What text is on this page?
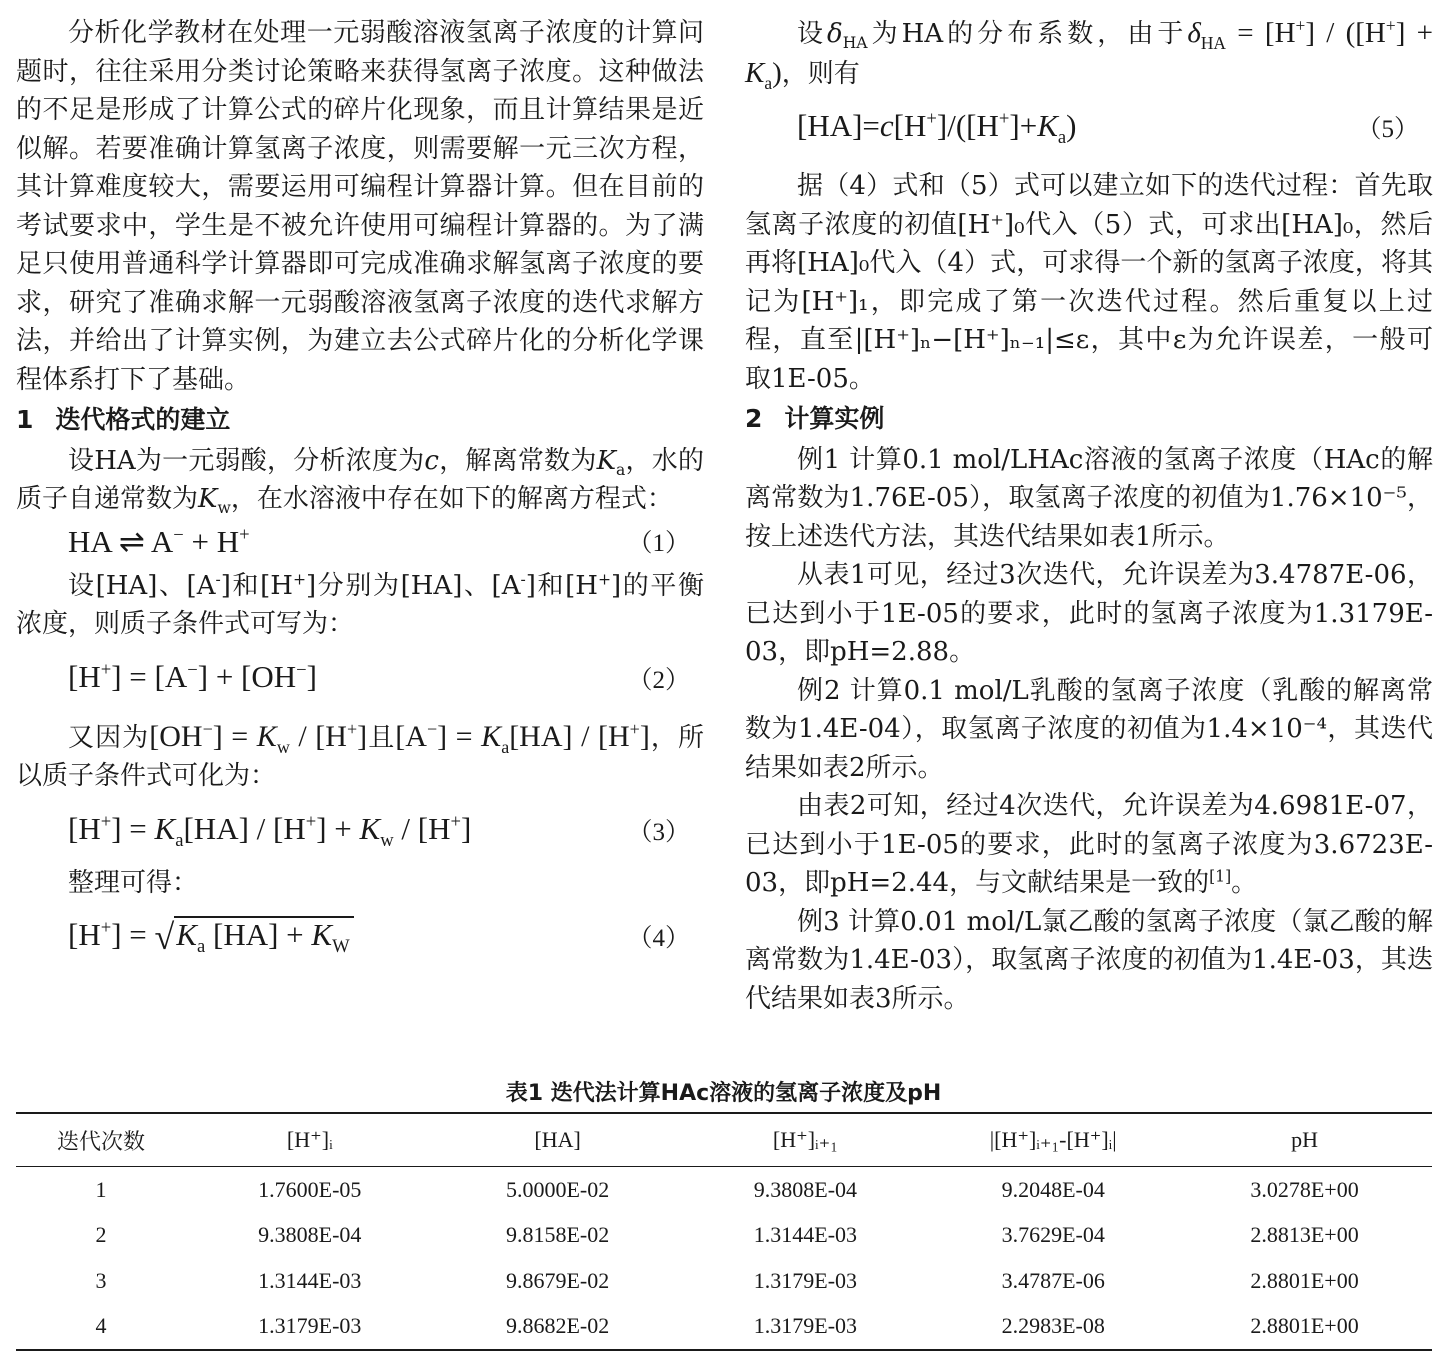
分析化学教材在处理一元弱酸溶液氢离子浓度的计算问题时，往往采用分类讨论策略来获得氢离子浓度。这种做法的不足是形成了计算公式的碎片化现象，而且计算结果是近似解。若要准确计算氢离子浓度，则需要解一元三次方程，其计算难度较大，需要运用可编程计算器计算。但在目前的考试要求中，学生是不被允许使用可编程计算器的。为了满足只使用普通科学计算器即可完成准确求解氢离子浓度的要求，研究了准确求解一元弱酸溶液氢离子浓度的迭代求解方法，并给出了计算实例，为建立去公式碎片化的分析化学课程体系打下了基础。

1 迭代格式的建立

设HA为一元弱酸，分析浓度为c，解离常数为$K_a$，水的质子自递常数为$K_w$，在水溶液中存在如下的解离方程式：

HA ⇌ A− + H+	（1）

设[HA]、[A-]和[H+]分别为[HA]、[A-]和[H+]的平衡浓度，则质子条件式可写为：

[H+] = [A−] + [OH−]	（2）

又因为$[OH^-] = K_w / [H^+]$且$[A^-] = K_a[HA] / [H^+]$，所以质子条件式可化为：

$[H^+] = K_a[HA] / [H^+] + K_w / [H^+]$	（3）

整理可得：

$[H^+] = √K_a$ $[HA] + K_W$	（4）

设$\delta_{HA}$为HA的分布系数，由于$\delta_{HA} = [H^+] / ([H^+] + K_a)$，则有

$[HA]=c[H^+]/([H^+]+K_a)$	（5）

据（4）式和（5）式可以建立如下的迭代过程：首先取氢离子浓度的初值[H⁺]₀代入（5）式，可求出[HA]₀，然后再将[HA]₀代入（4）式，可求得一个新的氢离子浓度，将其记为[H⁺]₁，即完成了第一次迭代过程。然后重复以上过程，直至|[H⁺]ₙ−[H⁺]ₙ₋₁|≤ε，其中ε为允许误差，一般可取1E-05。

2 计算实例

例1 计算0.1 mol/LHAc溶液的氢离子浓度（HAc的解离常数为1.76E-05），取氢离子浓度的初值为1.76×10⁻⁵，按上述迭代方法，其迭代结果如表1所示。

从表1可见，经过3次迭代，允许误差为3.4787E-06，已达到小于1E-05的要求，此时的氢离子浓度为1.3179E-03，即pH=2.88。

例2 计算0.1 mol/L乳酸的氢离子浓度（乳酸的解离常数为1.4E-04），取氢离子浓度的初值为1.4×10⁻⁴，其迭代结果如表2所示。

由表2可知，经过4次迭代，允许误差为4.6981E-07，已达到小于1E-05的要求，此时的氢离子浓度为3.6723E-03，即pH=2.44，与文献结果是一致的[1]。

例3 计算0.01 mol/L氯乙酸的氢离子浓度（氯乙酸的解离常数为1.4E-03），取氢离子浓度的初值为1.4E-03，其迭代结果如表3所示。

表1 迭代法计算HAc溶液的氢离子浓度及pH
迭代次数	[H⁺]ᵢ	[HA]	[H⁺]ᵢ₊₁	|[H⁺]ᵢ₊₁-[H⁺]ᵢ|	pH
1	1.7600E-05	5.0000E-02	9.3808E-04	9.2048E-04	3.0278E+00
2	9.3808E-04	9.8158E-02	1.3144E-03	3.7629E-04	2.8813E+00
3	1.3144E-03	9.8679E-02	1.3179E-03	3.4787E-06	2.8801E+00
4	1.3179E-03	9.8682E-02	1.3179E-03	2.2983E-08	2.8801E+00
